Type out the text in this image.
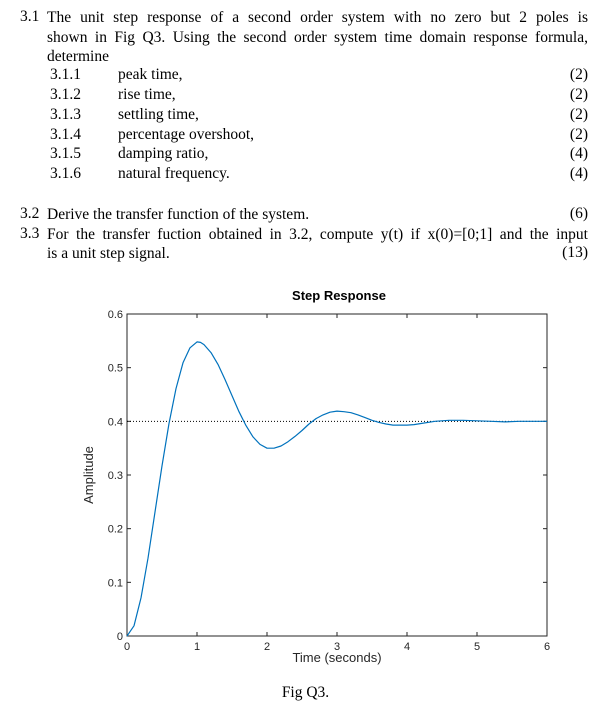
3.1 The unit step response of a second order system with no zero but 2 poles is
shown in Fig Q3. Using the second order system time domain response formula,
determine
3.1.1 peak time,	(2)
3.1.2 rise time,	(2)
3.1.3 settling time,	(2)
3.1.4 percentage overshoot,	(2)
3.1.5 damping ratio,	(4)
3.1.6 natural frequency.	(4)
3.2 Derive the transfer function of the system.	(6)
3.3 For the transfer fuction obtained in 3.2, compute y(t) if x(0)=[0;1] and the input
is a unit step signal.	(13)
0	1	2	3	4	5	6
0
0.1
0.2
0.3
0.4
0.5
0.6
Step Response
Time (seconds)
Amplitude
Fig Q3.
